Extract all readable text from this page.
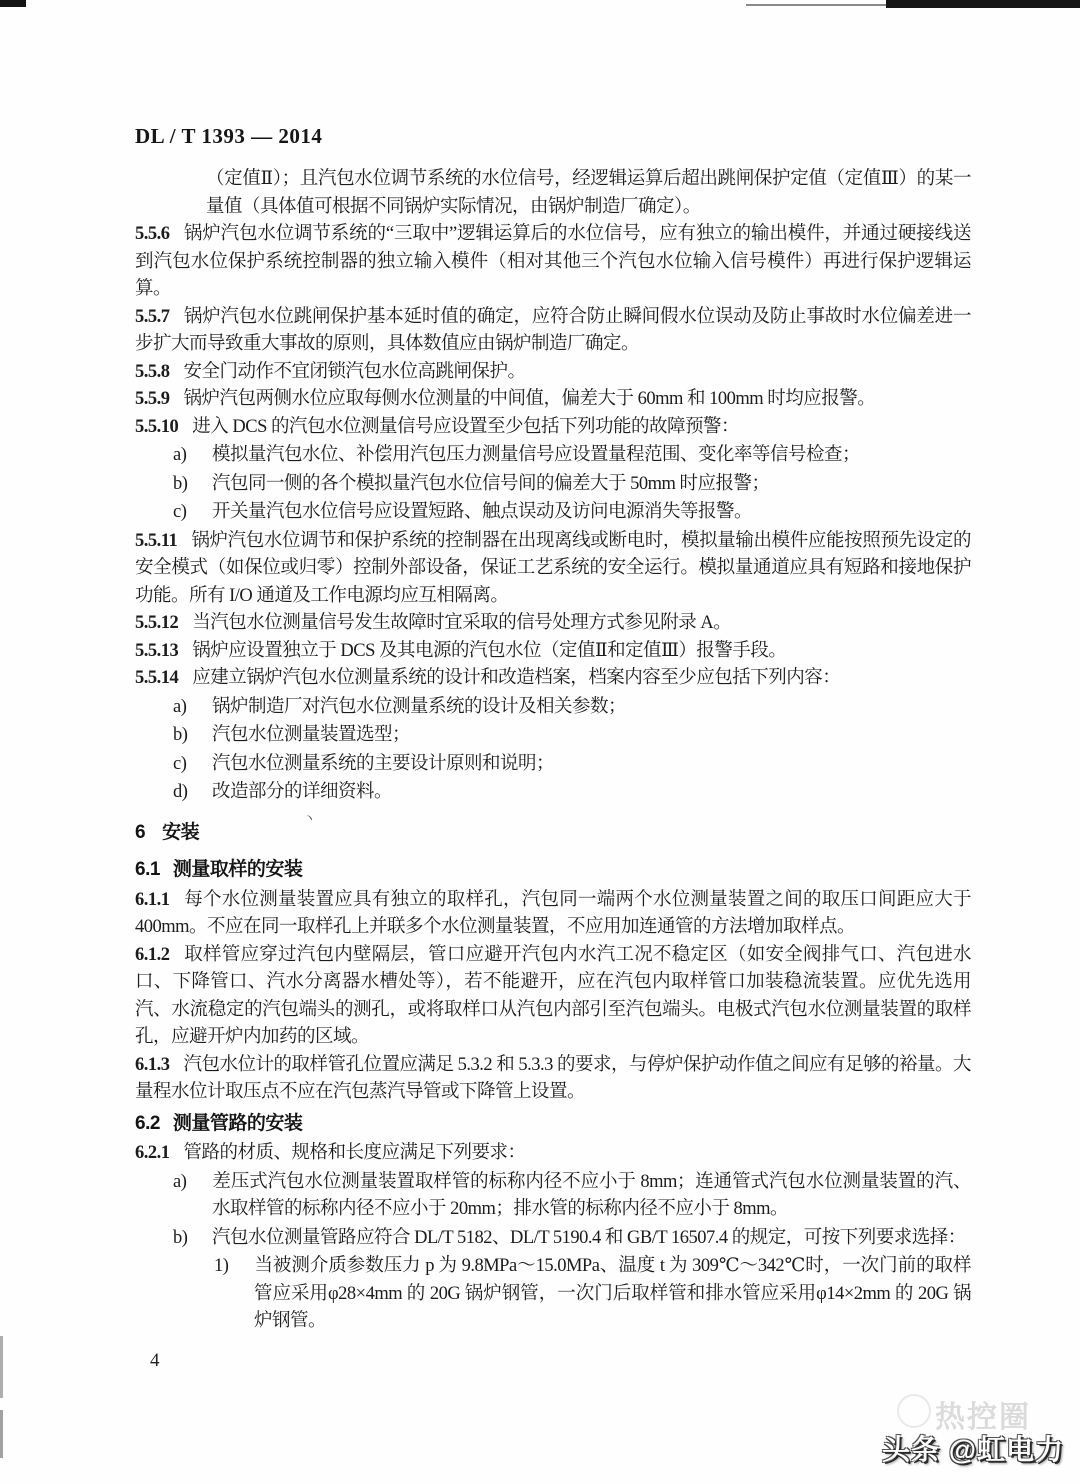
丶
DL / T 1393 — 2014
（定值Ⅱ）；且汽包水位调节系统的水位信号，经逻辑运算后超出跳闸保护定值（定值Ⅲ）的某一量值（具体值可根据不同锅炉实际情况，由锅炉制造厂确定）。
5.5.6 锅炉汽包水位调节系统的“三取中”逻辑运算后的水位信号，应有独立的输出模件，并通过硬接线送到汽包水位保护系统控制器的独立输入模件（相对其他三个汽包水位输入信号模件）再进行保护逻辑运算。
5.5.7 锅炉汽包水位跳闸保护基本延时值的确定，应符合防止瞬间假水位误动及防止事故时水位偏差进一步扩大而导致重大事故的原则，具体数值应由锅炉制造厂确定。
5.5.8 安全门动作不宜闭锁汽包水位高跳闸保护。
5.5.9 锅炉汽包两侧水位应取每侧水位测量的中间值，偏差大于 60mm 和 100mm 时均应报警。
5.5.10 进入 DCS 的汽包水位测量信号应设置至少包括下列功能的故障预警：
a) 模拟量汽包水位、补偿用汽包压力测量信号应设置量程范围、变化率等信号检查；
b) 汽包同一侧的各个模拟量汽包水位信号间的偏差大于 50mm 时应报警；
c) 开关量汽包水位信号应设置短路、触点误动及访问电源消失等报警。
5.5.11 锅炉汽包水位调节和保护系统的控制器在出现离线或断电时，模拟量输出模件应能按照预先设定的安全模式（如保位或归零）控制外部设备，保证工艺系统的安全运行。模拟量通道应具有短路和接地保护功能。所有 I/O 通道及工作电源均应互相隔离。
5.5.12 当汽包水位测量信号发生故障时宜采取的信号处理方式参见附录 A。
5.5.13 锅炉应设置独立于 DCS 及其电源的汽包水位（定值Ⅱ和定值Ⅲ）报警手段。
5.5.14 应建立锅炉汽包水位测量系统的设计和改造档案，档案内容至少应包括下列内容：
a) 锅炉制造厂对汽包水位测量系统的设计及相关参数；
b) 汽包水位测量装置选型；
c) 汽包水位测量系统的主要设计原则和说明；
d) 改造部分的详细资料。
6 安装
6.1 测量取样的安装
6.1.1 每个水位测量装置应具有独立的取样孔，汽包同一端两个水位测量装置之间的取压口间距应大于 400mm。不应在同一取样孔上并联多个水位测量装置，不应用加连通管的方法增加取样点。
6.1.2 取样管应穿过汽包内壁隔层，管口应避开汽包内水汽工况不稳定区（如安全阀排气口、汽包进水口、下降管口、汽水分离器水槽处等），若不能避开，应在汽包内取样管口加装稳流装置。应优先选用汽、水流稳定的汽包端头的测孔，或将取样口从汽包内部引至汽包端头。电极式汽包水位测量装置的取样孔，应避开炉内加药的区域。
6.1.3 汽包水位计的取样管孔位置应满足 5.3.2 和 5.3.3 的要求，与停炉保护动作值之间应有足够的裕量。大量程水位计取压点不应在汽包蒸汽导管或下降管上设置。
6.2 测量管路的安装
6.2.1 管路的材质、规格和长度应满足下列要求：
a) 差压式汽包水位测量装置取样管的标称内径不应小于 8mm；连通管式汽包水位测量装置的汽、水取样管的标称内径不应小于 20mm；排水管的标称内径不应小于 8mm。
b) 汽包水位测量管路应符合 DL/T 5182、DL/T 5190.4 和 GB/T 16507.4 的规定，可按下列要求选择：
1) 当被测介质参数压力 p 为 9.8MPa～15.0MPa、温度 t 为 309℃～342℃时，一次门前的取样管应采用φ28×4mm 的 20G 锅炉钢管，一次门后取样管和排水管应采用φ14×2mm 的 20G 锅炉钢管。
4
热控圈
头条 @虹电力
